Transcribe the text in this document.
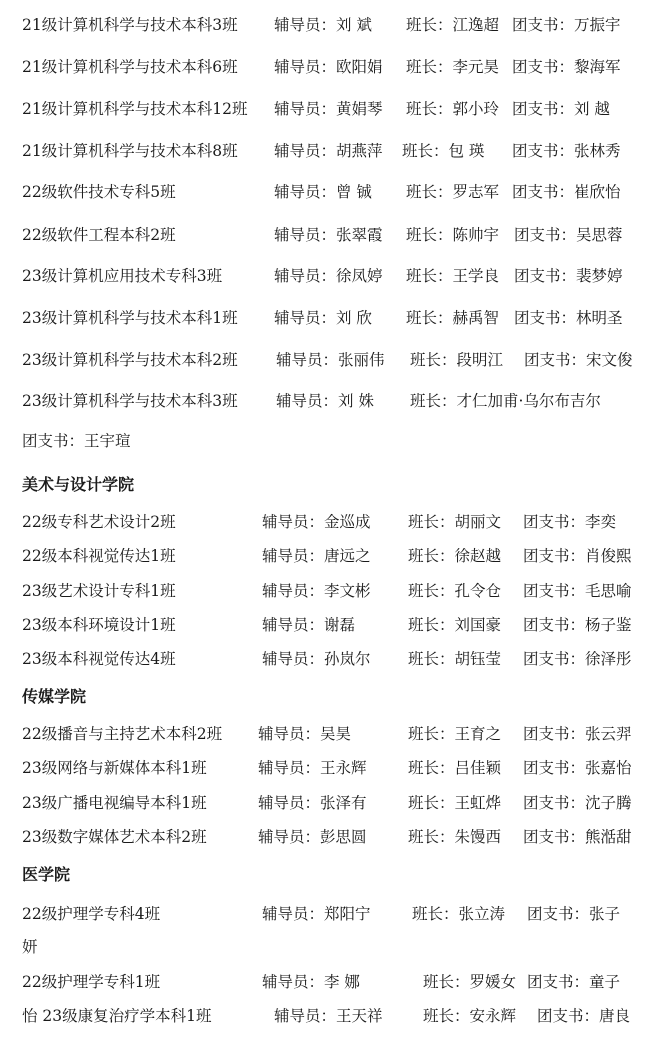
21级计算机科学与技术本科3班 辅导员：刘 斌 班长：江逸超 团支书：万振宇
21级计算机科学与技术本科6班 辅导员：欧阳娟 班长：李元昊 团支书：黎海军
21级计算机科学与技术本科12班 辅导员：黄娟琴 班长：郭小玲 团支书：刘 越
21级计算机科学与技术本科8班 辅导员：胡燕萍 班长：包 瑛 团支书：张林秀
22级软件技术专科5班	辅导员：曾 铖 班长：罗志军 团支书：崔欣怡
22级软件工程本科2班	辅导员：张翠霞 班长：陈帅宇 团支书：吴思蓉
23级计算机应用技术专科3班	辅导员：徐凤婷 班长：王学良 团支书：裴梦婷
23级计算机科学与技术本科1班 辅导员：刘 欣 班长：赫禹智 团支书：林明圣
23级计算机科学与技术本科2班 辅导员：张丽伟 班长：段明江 团支书：宋文俊
23级计算机科学与技术本科3班 辅导员：刘 姝 班长：才仁加甫·乌尔布吉尔
团支书：王宇瑄
美术与设计学院
22级专科艺术设计2班	辅导员：金巡成 班长：胡丽文 团支书：李奕
22级本科视觉传达1班	辅导员：唐远之 班长：徐赵越 团支书：肖俊熙
23级艺术设计专科1班	辅导员：李文彬 班长：孔令仓 团支书：毛思喻
23级本科环境设计1班	辅导员：谢磊	班长：刘国豪 团支书：杨子鉴
23级本科视觉传达4班	辅导员：孙岚尔 班长：胡钰莹 团支书：徐泽彤
传媒学院
22级播音与主持艺术本科2班 辅导员：吴昊	班长：王育之 团支书：张云羿
23级网络与新媒体本科1班	辅导员：王永辉	班长：吕佳颖 团支书：张嘉怡
23级广播电视编导本科1班	辅导员：张泽有	班长：王虹烨 团支书：沈子腾
23级数字媒体艺术本科2班	辅导员：彭思圆	班长：朱馒西 团支书：熊湉甜
医学院
22级护理学专科4班	辅导员：郑阳宁	班长：张立涛 团支书：张子
妍
22级护理学专科1班	辅导员：李 娜	班长：罗媛女 团支书：童子
怡 23级康复治疗学本科1班	辅导员：王天祥	班长：安永辉 团支书：唐良
